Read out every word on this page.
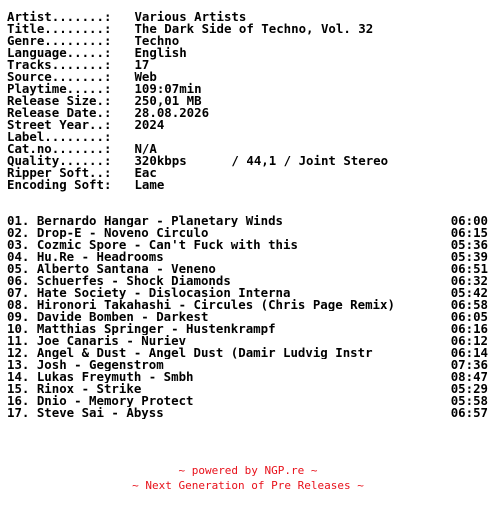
Artist.......:	Various Artists
Title........:	The Dark Side of Techno, Vol. 32
Genre........:	Techno
Language.....:	English
Tracks.......:	17
Source.......:	Web
Playtime.....:	109:07min
Release Size.:	250,01 MB
Release Date.:	28.08.2026
Street Year..:	2024
Label........:
Cat.no.......:	N/A
Quality......:	320kbps      / 44,1 / Joint Stereo
Ripper Soft..:	Eac
Encoding Soft:	Lame
01. Bernardo Hangar - Planetary Winds	06:00
02. Drop-E - Noveno Circulo	06:15
03. Cozmic Spore - Can't Fuck with this	05:36
04. Hu.Re - Headrooms	05:39
05. Alberto Santana - Veneno	06:51
06. Schuerfes - Shock Diamonds	06:32
07. Hate Society - Dislocasion Interna	05:42
08. Hironori Takahashi - Circules (Chris Page Remix)	06:58
09. Davide Bomben - Darkest	06:05
10. Matthias Springer - Hustenkrampf	06:16
11. Joe Canaris - Nuriev	06:12
12. Angel & Dust - Angel Dust (Damir Ludvig Instr	06:14
13. Josh - Gegenstrom	07:36
14. Lukas Freymuth - Smbh	08:47
15. Rinox - Strike	05:29
16. Dnio - Memory Protect	05:58
17. Steve Sai - Abyss	06:57
~ powered by NGP.re ~
~ Next Generation of Pre Releases ~
